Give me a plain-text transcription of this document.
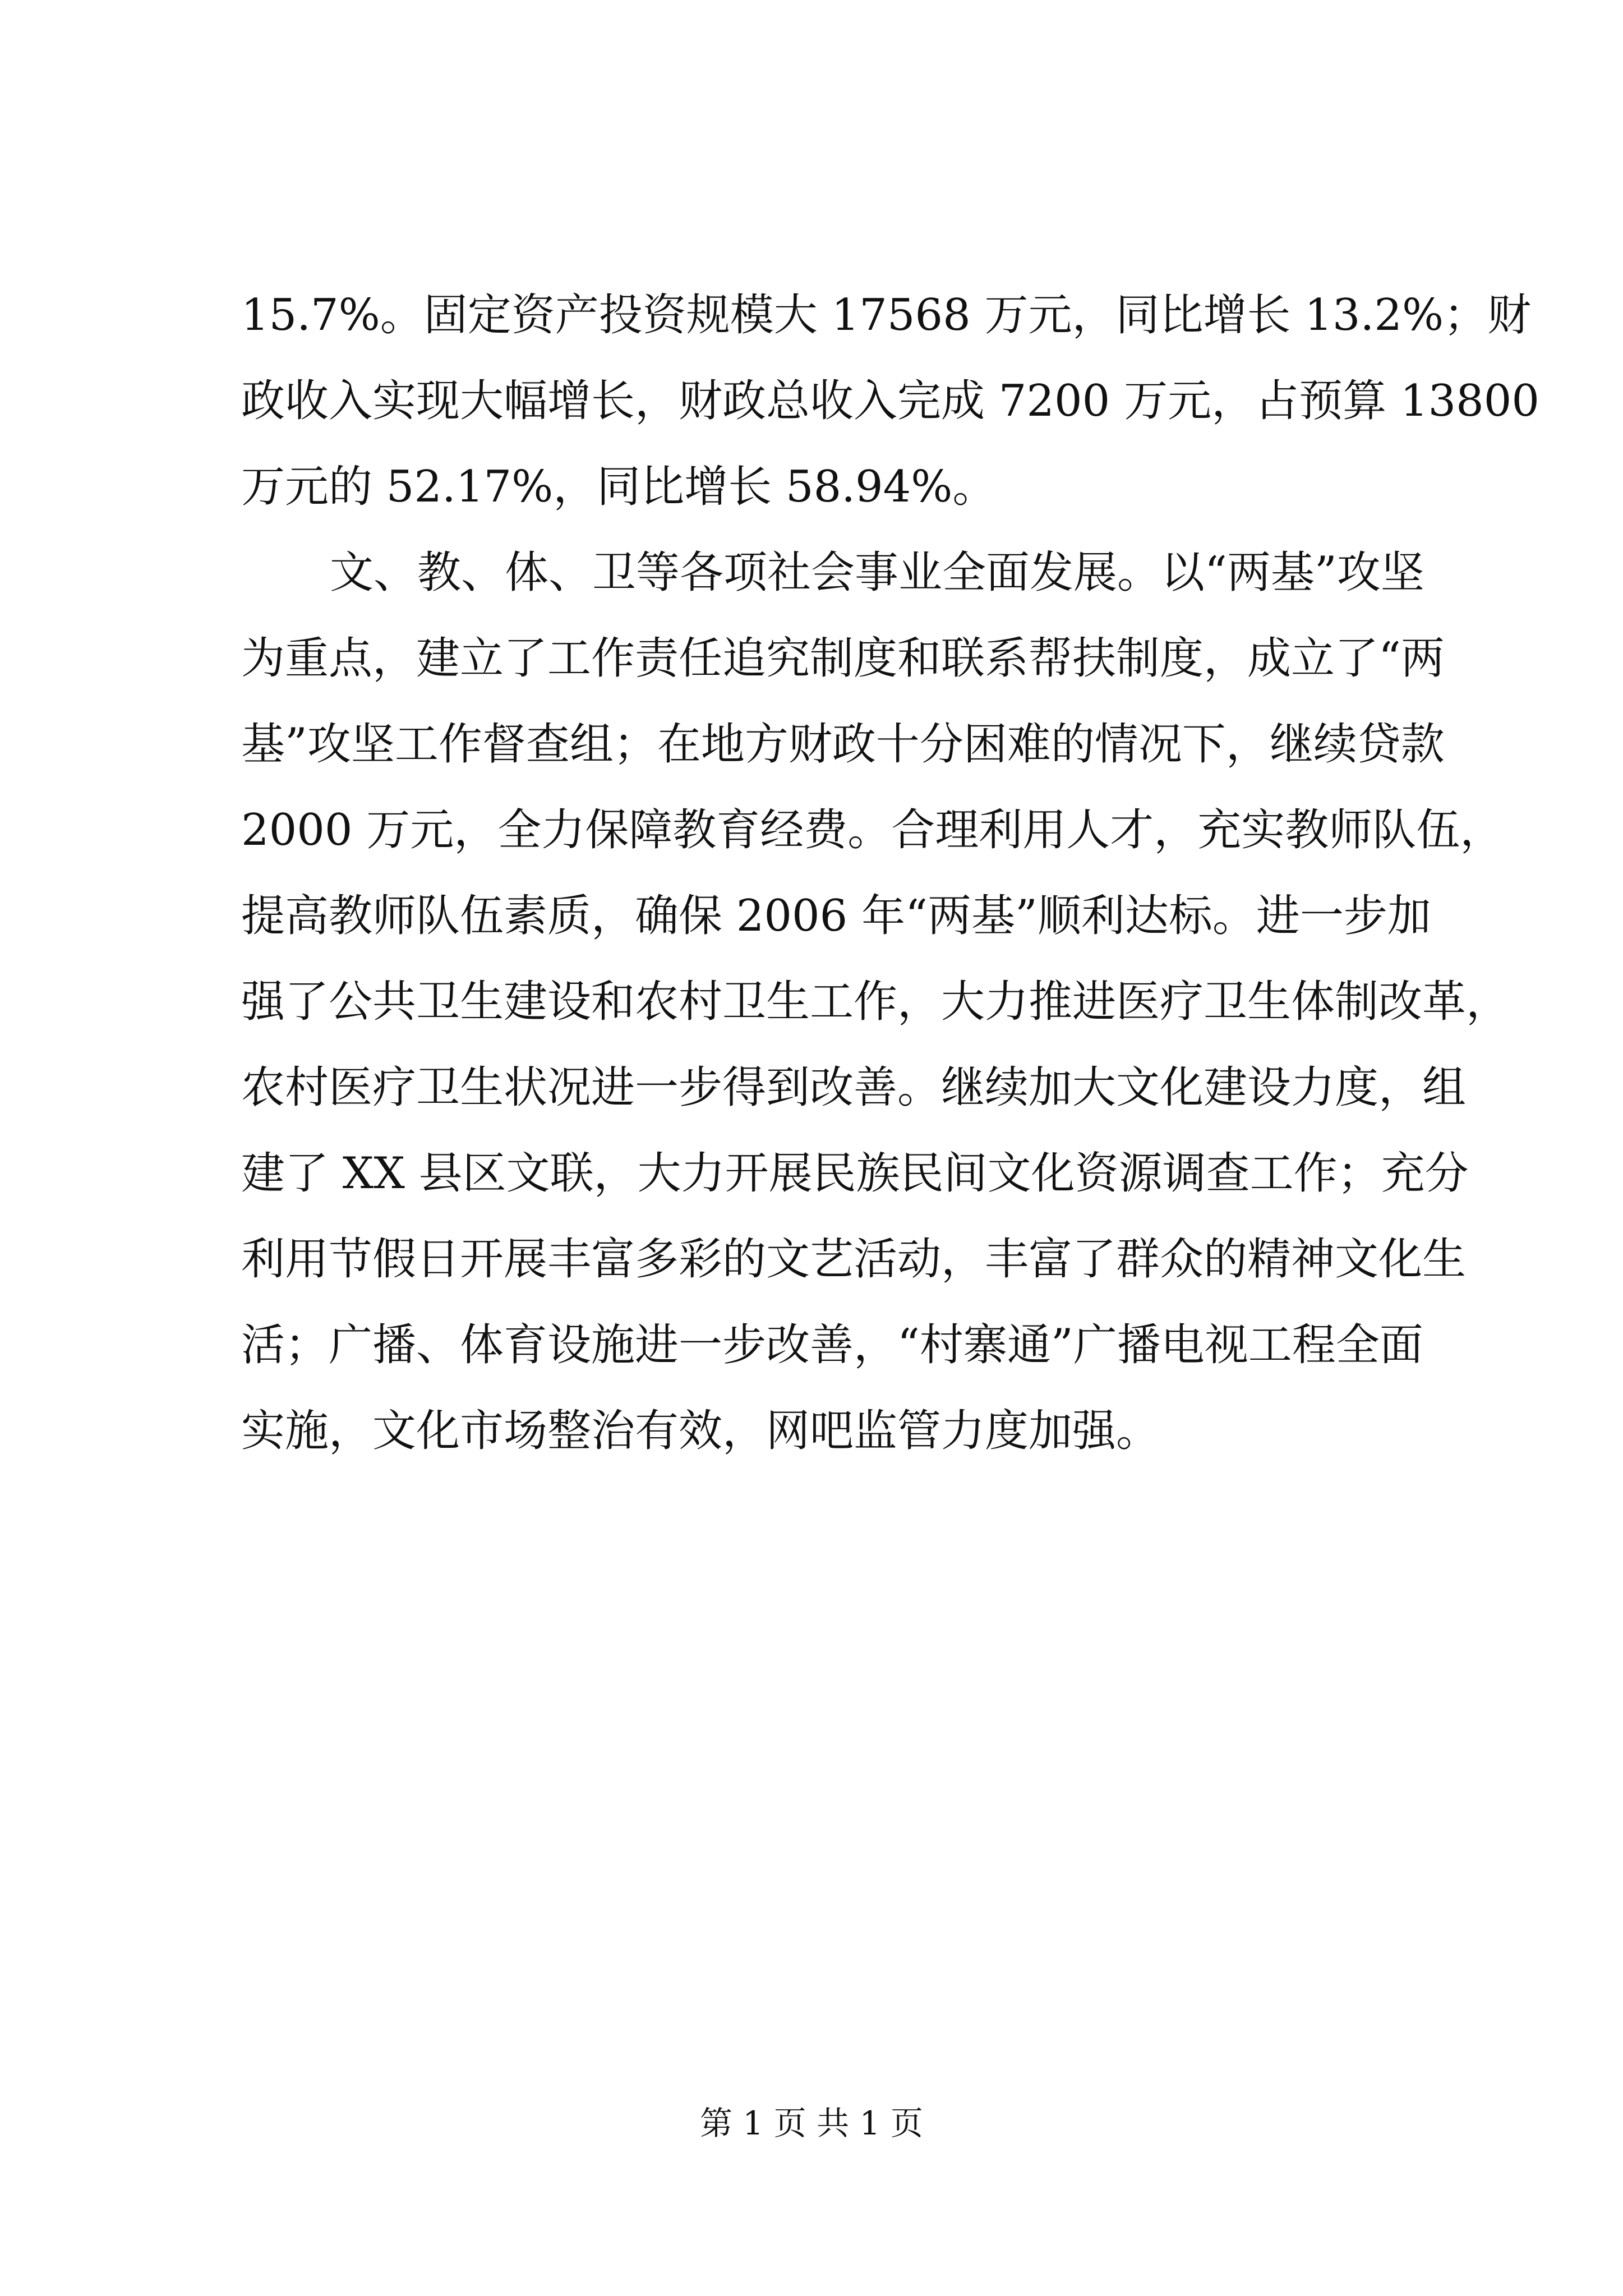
15.7%。固定资产投资规模大 17568 万元，同比增长 13.2%；财
政收入实现大幅增长，财政总收入完成 7200 万元，占预算 13800
万元的 52.17%，同比增长 58.94%。
文、教、体、卫等各项社会事业全面发展。以“两基”攻坚
为重点，建立了工作责任追究制度和联系帮扶制度，成立了“两
基”攻坚工作督查组；在地方财政十分困难的情况下，继续贷款
2000 万元，全力保障教育经费。合理利用人才，充实教师队伍，
提高教师队伍素质，确保 2006 年“两基”顺利达标。进一步加
强了公共卫生建设和农村卫生工作，大力推进医疗卫生体制改革，
农村医疗卫生状况进一步得到改善。继续加大文化建设力度，组
建了 XX 县区文联，大力开展民族民间文化资源调查工作；充分
利用节假日开展丰富多彩的文艺活动，丰富了群众的精神文化生
活；广播、体育设施进一步改善，“村寨通”广播电视工程全面
实施，文化市场整治有效，网吧监管力度加强。
第 1 页 共 1 页
